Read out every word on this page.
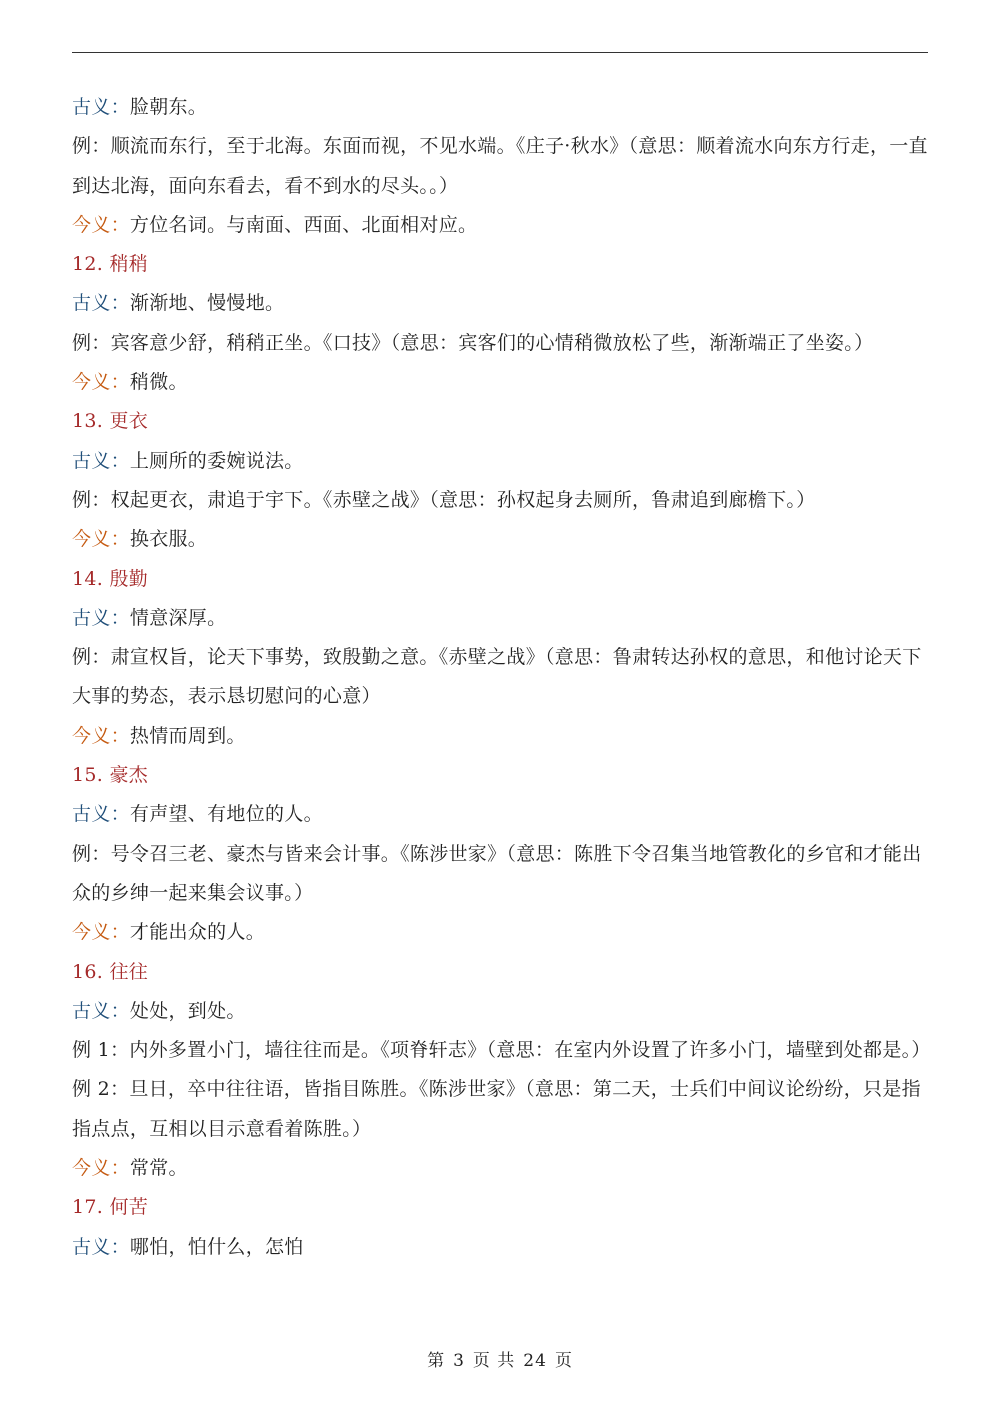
古义：脸朝东。
例：顺流而东行，至于北海。东面而视，不见水端。《庄子·秋水》（意思：顺着流水向东方行走，一直到达北海，面向东看去，看不到水的尽头。。）
今义：方位名词。与南面、西面、北面相对应。
12. 稍稍
古义：渐渐地、慢慢地。
例：宾客意少舒，稍稍正坐。《口技》（意思：宾客们的心情稍微放松了些，渐渐端正了坐姿。）
今义：稍微。
13. 更衣
古义：上厕所的委婉说法。
例：权起更衣，肃追于宇下。《赤壁之战》（意思：孙权起身去厕所，鲁肃追到廊檐下。）
今义：换衣服。
14. 殷勤
古义：情意深厚。
例：肃宣权旨，论天下事势，致殷勤之意。《赤壁之战》（意思：鲁肃转达孙权的意思，和他讨论天下大事的势态，表示恳切慰问的心意）
今义：热情而周到。
15. 豪杰
古义：有声望、有地位的人。
例：号令召三老、豪杰与皆来会计事。《陈涉世家》（意思：陈胜下令召集当地管教化的乡官和才能出众的乡绅一起来集会议事。）
今义：才能出众的人。
16. 往往
古义：处处，到处。
例 1：内外多置小门，墙往往而是。《项脊轩志》（意思：在室内外设置了许多小门，墙壁到处都是。）
例 2：旦日，卒中往往语，皆指目陈胜。《陈涉世家》（意思：第二天，士兵们中间议论纷纷，只是指指点点，互相以目示意看着陈胜。）
今义：常常。
17. 何苦
古义：哪怕，怕什么，怎怕
第 3 页 共 24 页
